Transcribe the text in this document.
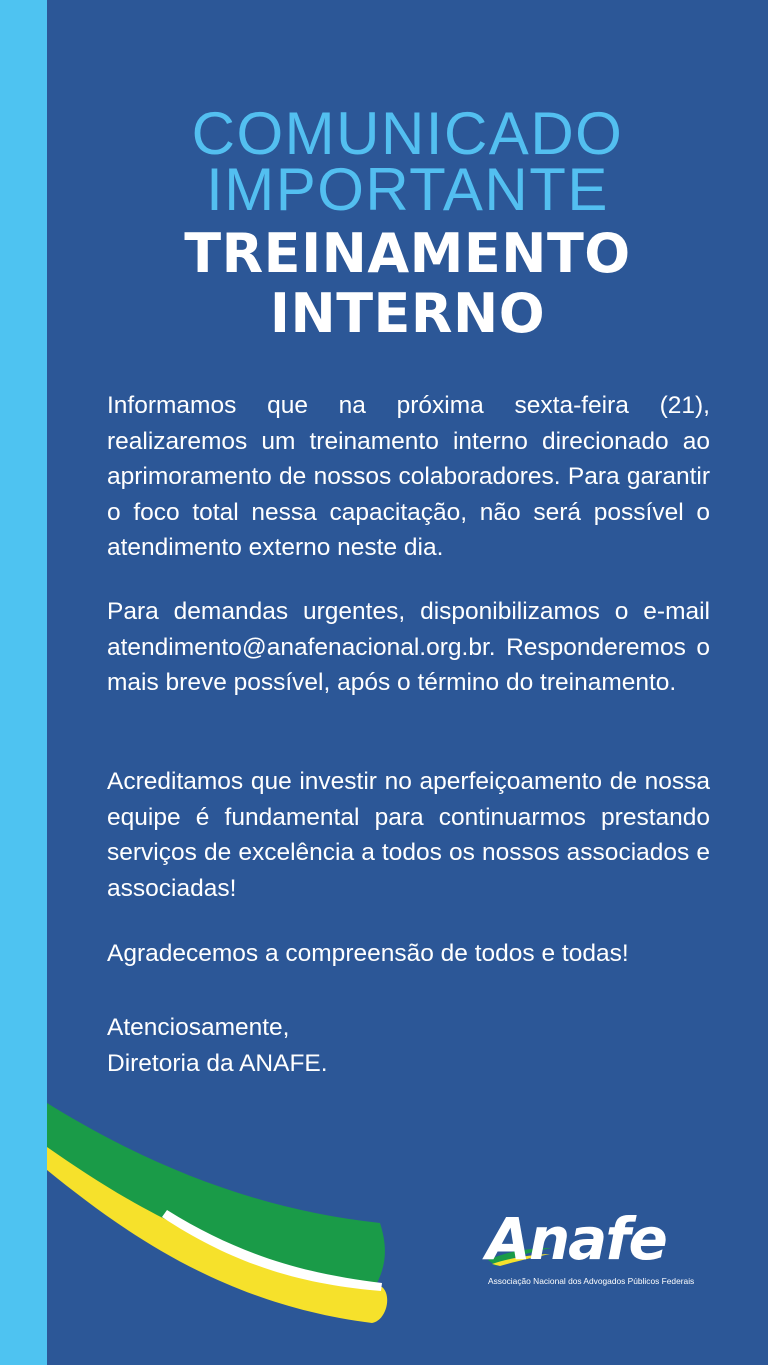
COMUNICADO
IMPORTANTE
TREINAMENTO
INTERNO

Informamos que na próxima sexta-feira (21), realizaremos um treinamento interno direcionado ao aprimoramento de nossos colaboradores. Para garantir o foco total nessa capacitação, não será possível o atendimento externo neste dia.

Para demandas urgentes, disponibilizamos o e-mail atendimento@anafenacional.org.br. Responderemos o mais breve possível, após o término do treinamento.

Acreditamos que investir no aperfeiçoamento de nossa equipe é fundamental para continuarmos prestando serviços de excelência a todos os nossos associados e associadas!

Agradecemos a compreensão de todos e todas!

Atenciosamente,
Diretoria da ANAFE.

Anafe
Associação Nacional dos Advogados Públicos Federais
